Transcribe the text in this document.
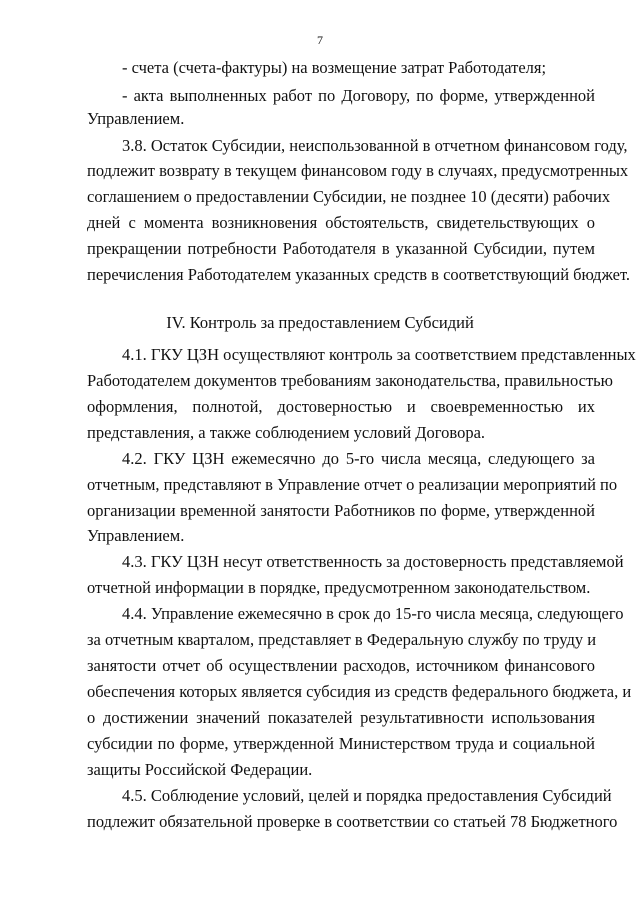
7
- счета (счета-фактуры) на возмещение затрат Работодателя;
- акта выполненных работ по Договору, по форме, утвержденной
Управлением.
3.8. Остаток Субсидии, неиспользованной в отчетном финансовом году,
подлежит возврату в текущем финансовом году в случаях, предусмотренных
соглашением о предоставлении Субсидии, не позднее 10 (десяти) рабочих
дней с момента возникновения обстоятельств, свидетельствующих о
прекращении потребности Работодателя в указанной Субсидии, путем
перечисления Работодателем указанных средств в соответствующий бюджет.
IV. Контроль за предоставлением Субсидий
4.1. ГКУ ЦЗН осуществляют контроль за соответствием представленных
Работодателем документов требованиям законодательства, правильностью
оформления, полнотой, достоверностью и своевременностью их
представления, а также соблюдением условий Договора.
4.2. ГКУ ЦЗН ежемесячно до 5-го числа месяца, следующего за
отчетным, представляют в Управление отчет о реализации мероприятий по
организации временной занятости Работников по форме, утвержденной
Управлением.
4.3. ГКУ ЦЗН несут ответственность за достоверность представляемой
отчетной информации в порядке, предусмотренном законодательством.
4.4. Управление ежемесячно в срок до 15-го числа месяца, следующего
за отчетным кварталом, представляет в Федеральную службу по труду и
занятости отчет об осуществлении расходов, источником финансового
обеспечения которых является субсидия из средств федерального бюджета, и
о достижении значений показателей результативности использования
субсидии по форме, утвержденной Министерством труда и социальной
защиты Российской Федерации.
4.5. Соблюдение условий, целей и порядка предоставления Субсидий
подлежит обязательной проверке в соответствии со статьей 78 Бюджетного
